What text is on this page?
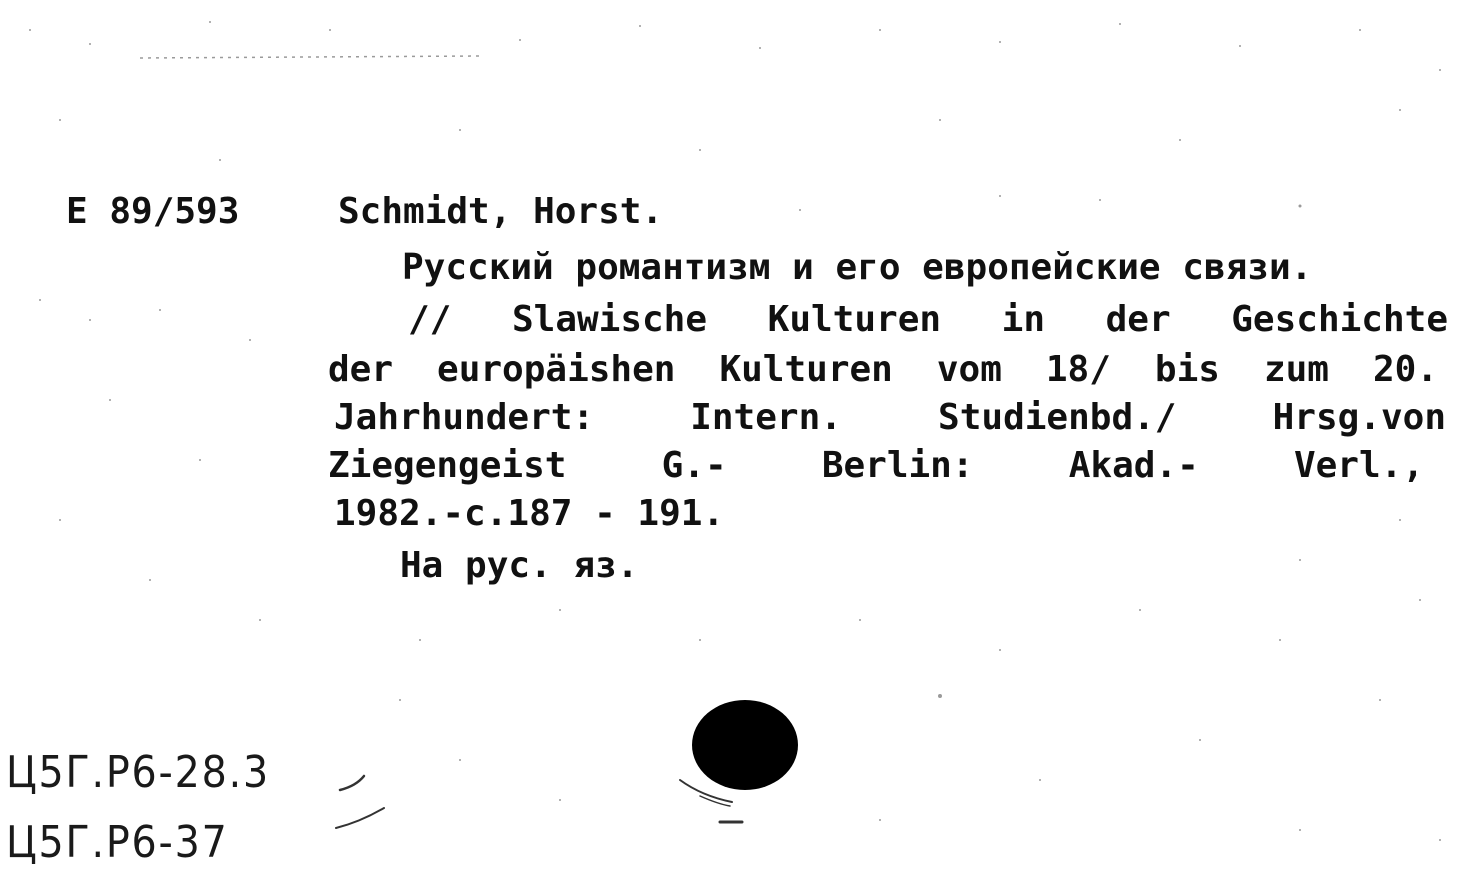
E 89/593	Schmidt, Horst.
Русский романтизм и его европейские связи.
// Slawische Kulturen in der Geschichte
der europäishen Kulturen vom 18/ bis zum 20.
Jahrhundert: Intern. Studienbd./ Hrsg.von
Ziegengeist G.- Berlin: Akad.- Verl.,
1982.-c.187 - 191.
На рус. яз.
Ц5Г.Р6-28.3
Ц5Г.Р6-37
